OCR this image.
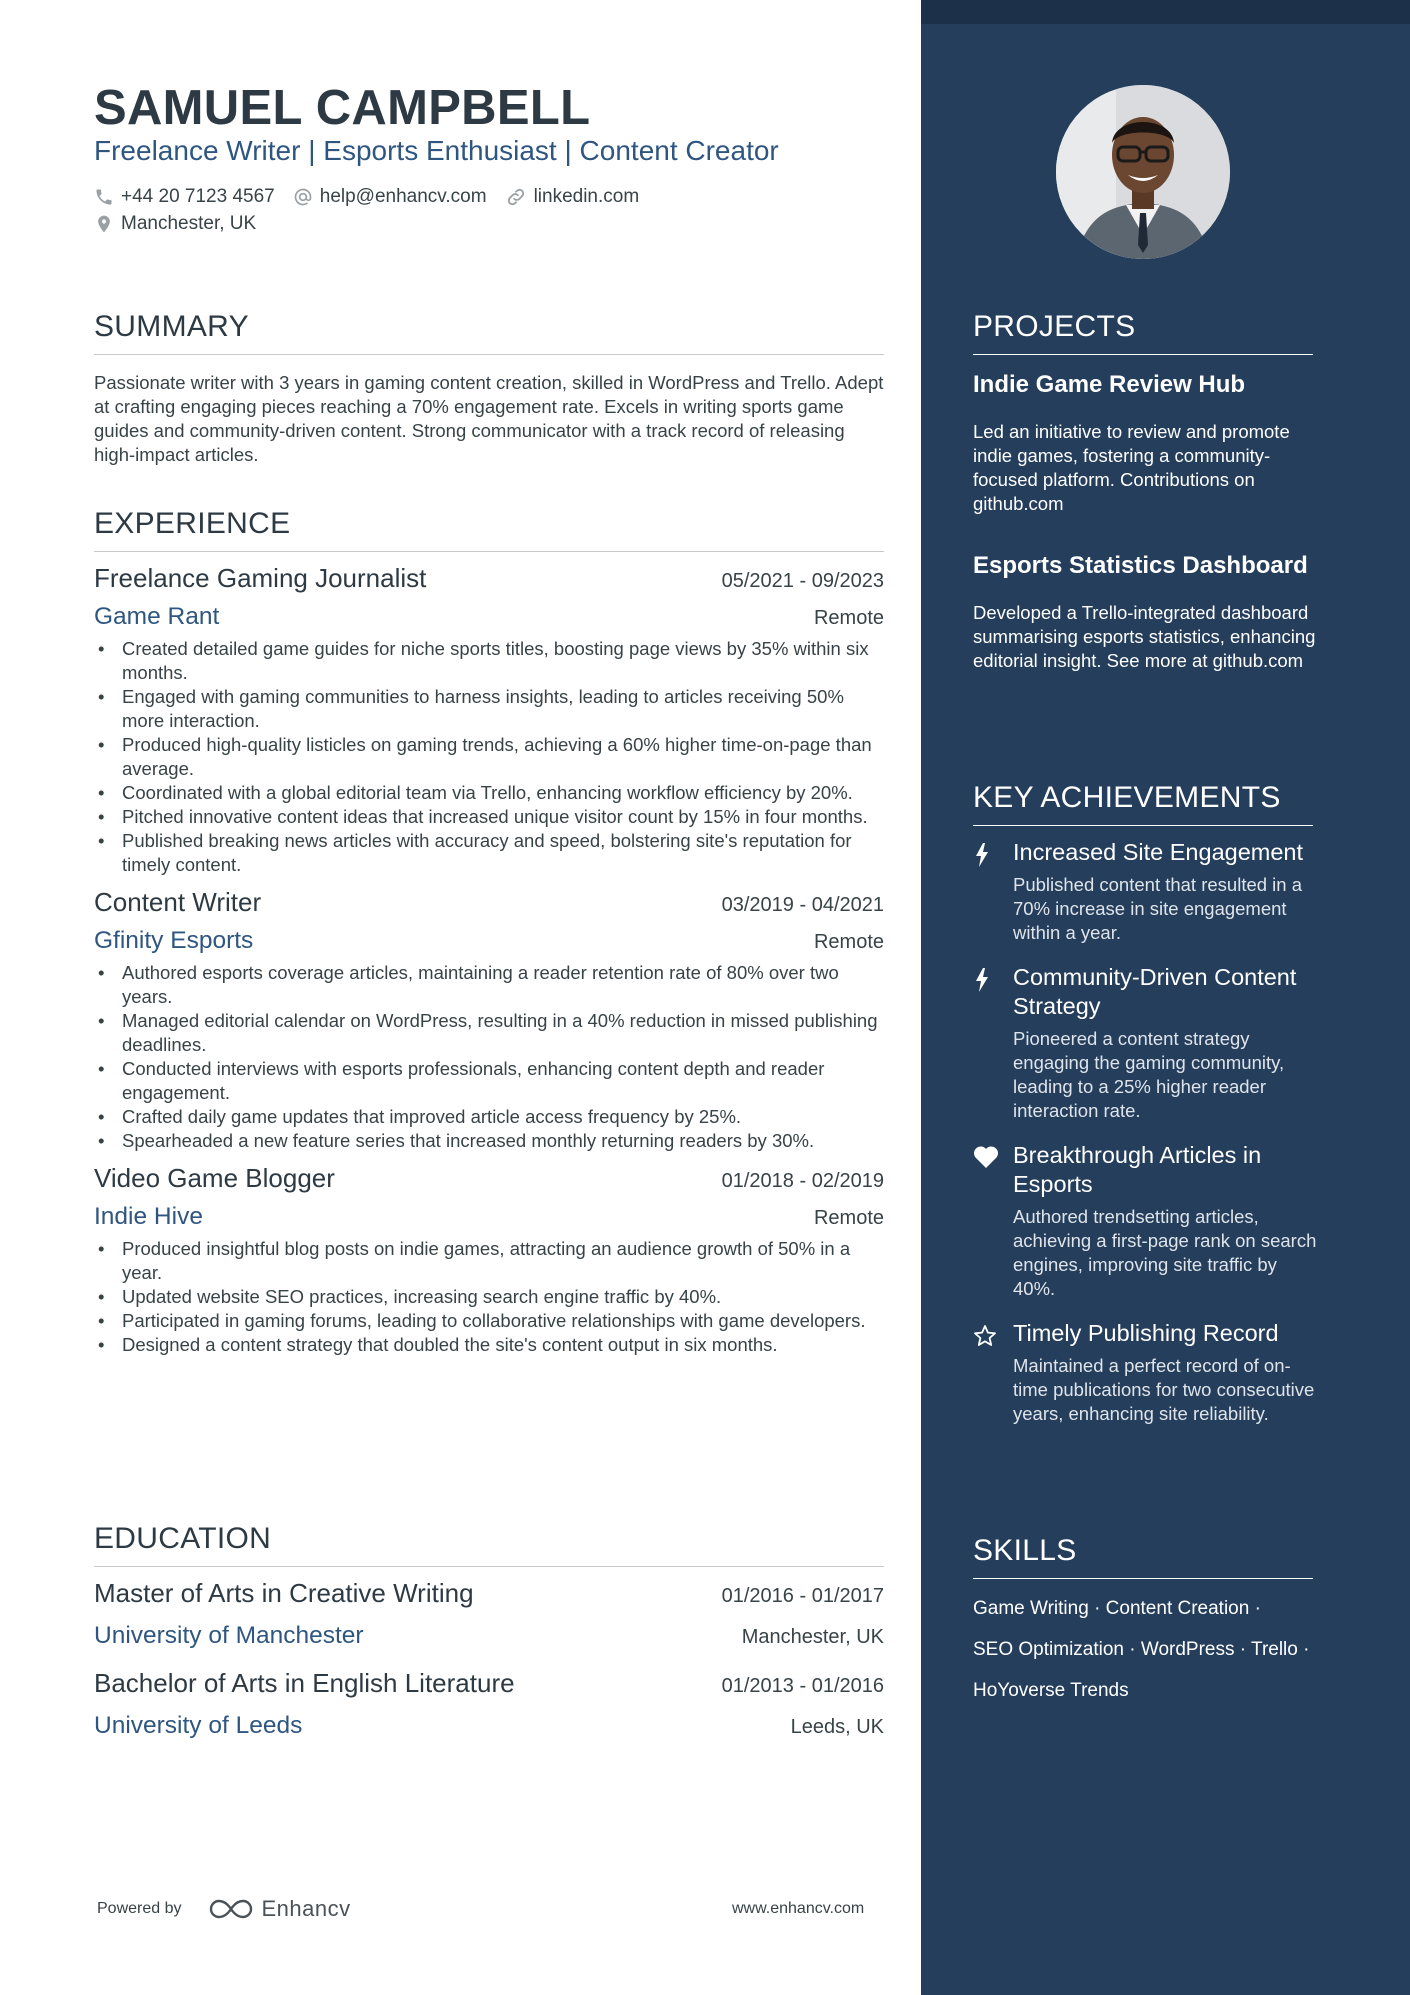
SAMUEL CAMPBELL
Freelance Writer | Esports Enthusiast | Content Creator
+44 20 7123 4567 help@enhancv.com linkedin.com
Manchester, UK
SUMMARY
Passionate writer with 3 years in gaming content creation, skilled in WordPress and Trello. Adept at crafting engaging pieces reaching a 70% engagement rate. Excels in writing sports game guides and community-driven content. Strong communicator with a track record of releasing high-impact articles.
EXPERIENCE
Freelance Gaming Journalist	05/2021 - 09/2023
Game Rant	Remote
• Created detailed game guides for niche sports titles, boosting page views by 35% within six months.
• Engaged with gaming communities to harness insights, leading to articles receiving 50% more interaction.
• Produced high-quality listicles on gaming trends, achieving a 60% higher time-on-page than average.
• Coordinated with a global editorial team via Trello, enhancing workflow efficiency by 20%.
• Pitched innovative content ideas that increased unique visitor count by 15% in four months.
• Published breaking news articles with accuracy and speed, bolstering site's reputation for timely content.
Content Writer	03/2019 - 04/2021
Gfinity Esports	Remote
• Authored esports coverage articles, maintaining a reader retention rate of 80% over two years.
• Managed editorial calendar on WordPress, resulting in a 40% reduction in missed publishing deadlines.
• Conducted interviews with esports professionals, enhancing content depth and reader engagement.
• Crafted daily game updates that improved article access frequency by 25%.
• Spearheaded a new feature series that increased monthly returning readers by 30%.
Video Game Blogger	01/2018 - 02/2019
Indie Hive	Remote
• Produced insightful blog posts on indie games, attracting an audience growth of 50% in a year.
• Updated website SEO practices, increasing search engine traffic by 40%.
• Participated in gaming forums, leading to collaborative relationships with game developers.
• Designed a content strategy that doubled the site's content output in six months.
EDUCATION
Master of Arts in Creative Writing	01/2016 - 01/2017
University of Manchester	Manchester, UK
Bachelor of Arts in English Literature	01/2013 - 01/2016
University of Leeds	Leeds, UK
Powered by	Enhancv	www.enhancv.com
PROJECTS
Indie Game Review Hub
Led an initiative to review and promote indie games, fostering a community-focused platform. Contributions on github.com
Esports Statistics Dashboard
Developed a Trello-integrated dashboard summarising esports statistics, enhancing editorial insight. See more at github.com
KEY ACHIEVEMENTS
Increased Site Engagement
Published content that resulted in a 70% increase in site engagement within a year.
Community-Driven Content Strategy
Pioneered a content strategy engaging the gaming community, leading to a 25% higher reader interaction rate.
Breakthrough Articles in Esports
Authored trendsetting articles, achieving a first-page rank on search engines, improving site traffic by 40%.
Timely Publishing Record
Maintained a perfect record of on-time publications for two consecutive years, enhancing site reliability.
SKILLS
Game Writing · Content Creation ·
SEO Optimization · WordPress · Trello ·
HoYoverse Trends
